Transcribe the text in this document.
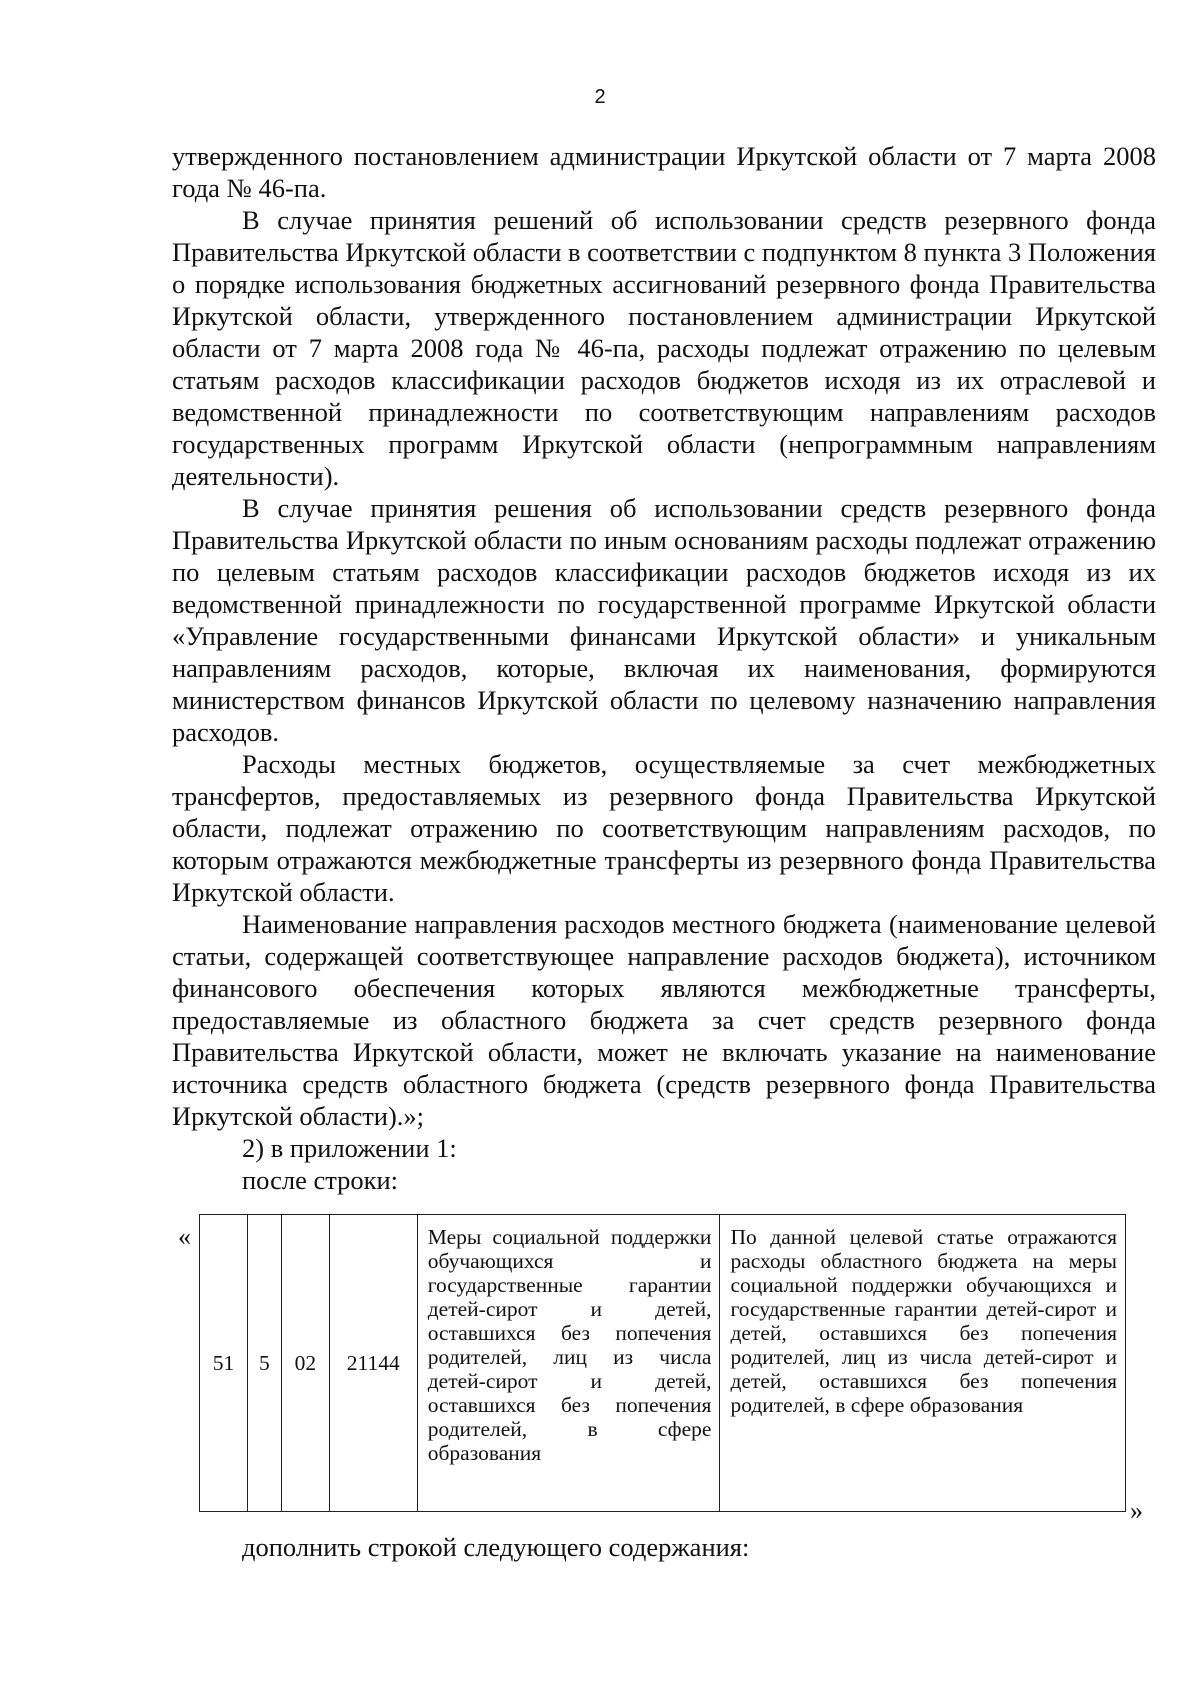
2

утвержденного постановлением администрации Иркутской области от 7 марта 2008 года № 46-па.

В случае принятия решений об использовании средств резервного фонда Правительства Иркутской области в соответствии с подпунктом 8 пункта 3 Положения о порядке использования бюджетных ассигнований резервного фонда Правительства Иркутской области, утвержденного постановлением администрации Иркутской области от 7 марта 2008 года № 46-па, расходы подлежат отражению по целевым статьям расходов классификации расходов бюджетов исходя из их отраслевой и ведомственной принадлежности по соответствующим направлениям расходов государственных программ Иркутской области (непрограммным направлениям деятельности).

В случае принятия решения об использовании средств резервного фонда Правительства Иркутской области по иным основаниям расходы подлежат отражению по целевым статьям расходов классификации расходов бюджетов исходя из их ведомственной принадлежности по государственной программе Иркутской области «Управление государственными финансами Иркутской области» и уникальным направлениям расходов, которые, включая их наименования, формируются министерством финансов Иркутской области по целевому назначению направления расходов.

Расходы местных бюджетов, осуществляемые за счет межбюджетных трансфертов, предоставляемых из резервного фонда Правительства Иркутской области, подлежат отражению по соответствующим направлениям расходов, по которым отражаются межбюджетные трансферты из резервного фонда Правительства Иркутской области.

Наименование направления расходов местного бюджета (наименование целевой статьи, содержащей соответствующее направление расходов бюджета), источником финансового обеспечения которых являются межбюджетные трансферты, предоставляемые из областного бюджета за счет средств резервного фонда Правительства Иркутской области, может не включать указание на наименование источника средств областного бюджета (средств резервного фонда Правительства Иркутской области).»;

2) в приложении 1:

после строки:

«
51	5	02	21144	Меры социальной поддержки обучающихся и государственные гарантии детей-сирот и детей, оставшихся без попечения родителей, лиц из числа детей-сирот и детей, оставшихся без попечения родителей, в сфере образования	По данной целевой статье отражаются расходы областного бюджета на меры социальной поддержки обучающихся и государственные гарантии детей-сирот и детей, оставшихся без попечения родителей, лиц из числа детей-сирот и детей, оставшихся без попечения родителей, в сфере образования
»
дополнить строкой следующего содержания:
